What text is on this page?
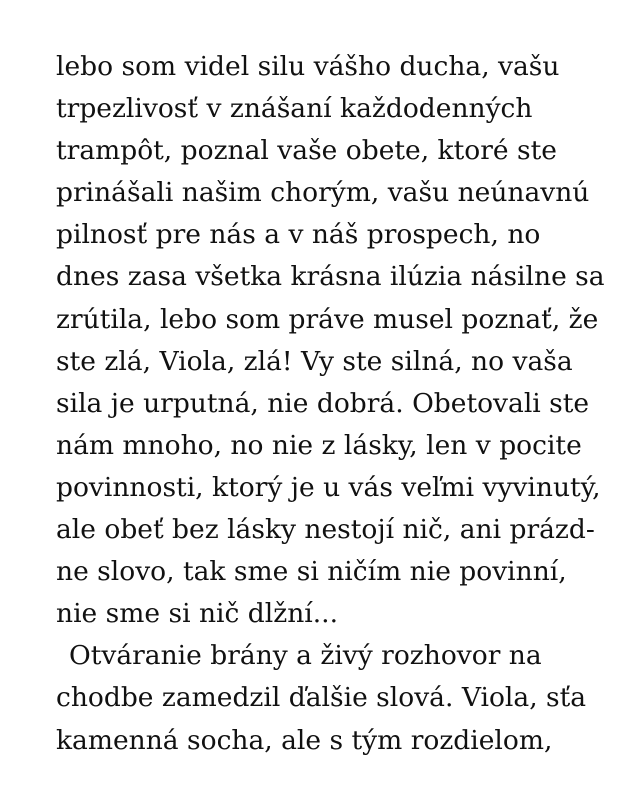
lebo som videl silu vášho ducha, vašu
trpezlivosť v znášaní každodenných
trampôt, poznal vaše obete, ktoré ste
prinášali našim chorým, vašu neúnavnú
pilnosť pre nás a v náš prospech, no
dnes zasa všetka krásna ilúzia násilne sa
zrútila, lebo som práve musel poznať, že
ste zlá, Viola, zlá! Vy ste silná, no vaša
sila je urputná, nie dobrá. Obetovali ste
nám mnoho, no nie z lásky, len v pocite
povinnosti, ktorý je u vás veľmi vyvinutý,
ale obeť bez lásky nestojí nič, ani prázd-
ne slovo, tak sme si ničím nie povinní,
nie sme si nič dlžní...
Otváranie brány a živý rozhovor na
chodbe zamedzil ďalšie slová. Viola, sťa
kamenná socha, ale s tým rozdielom,
